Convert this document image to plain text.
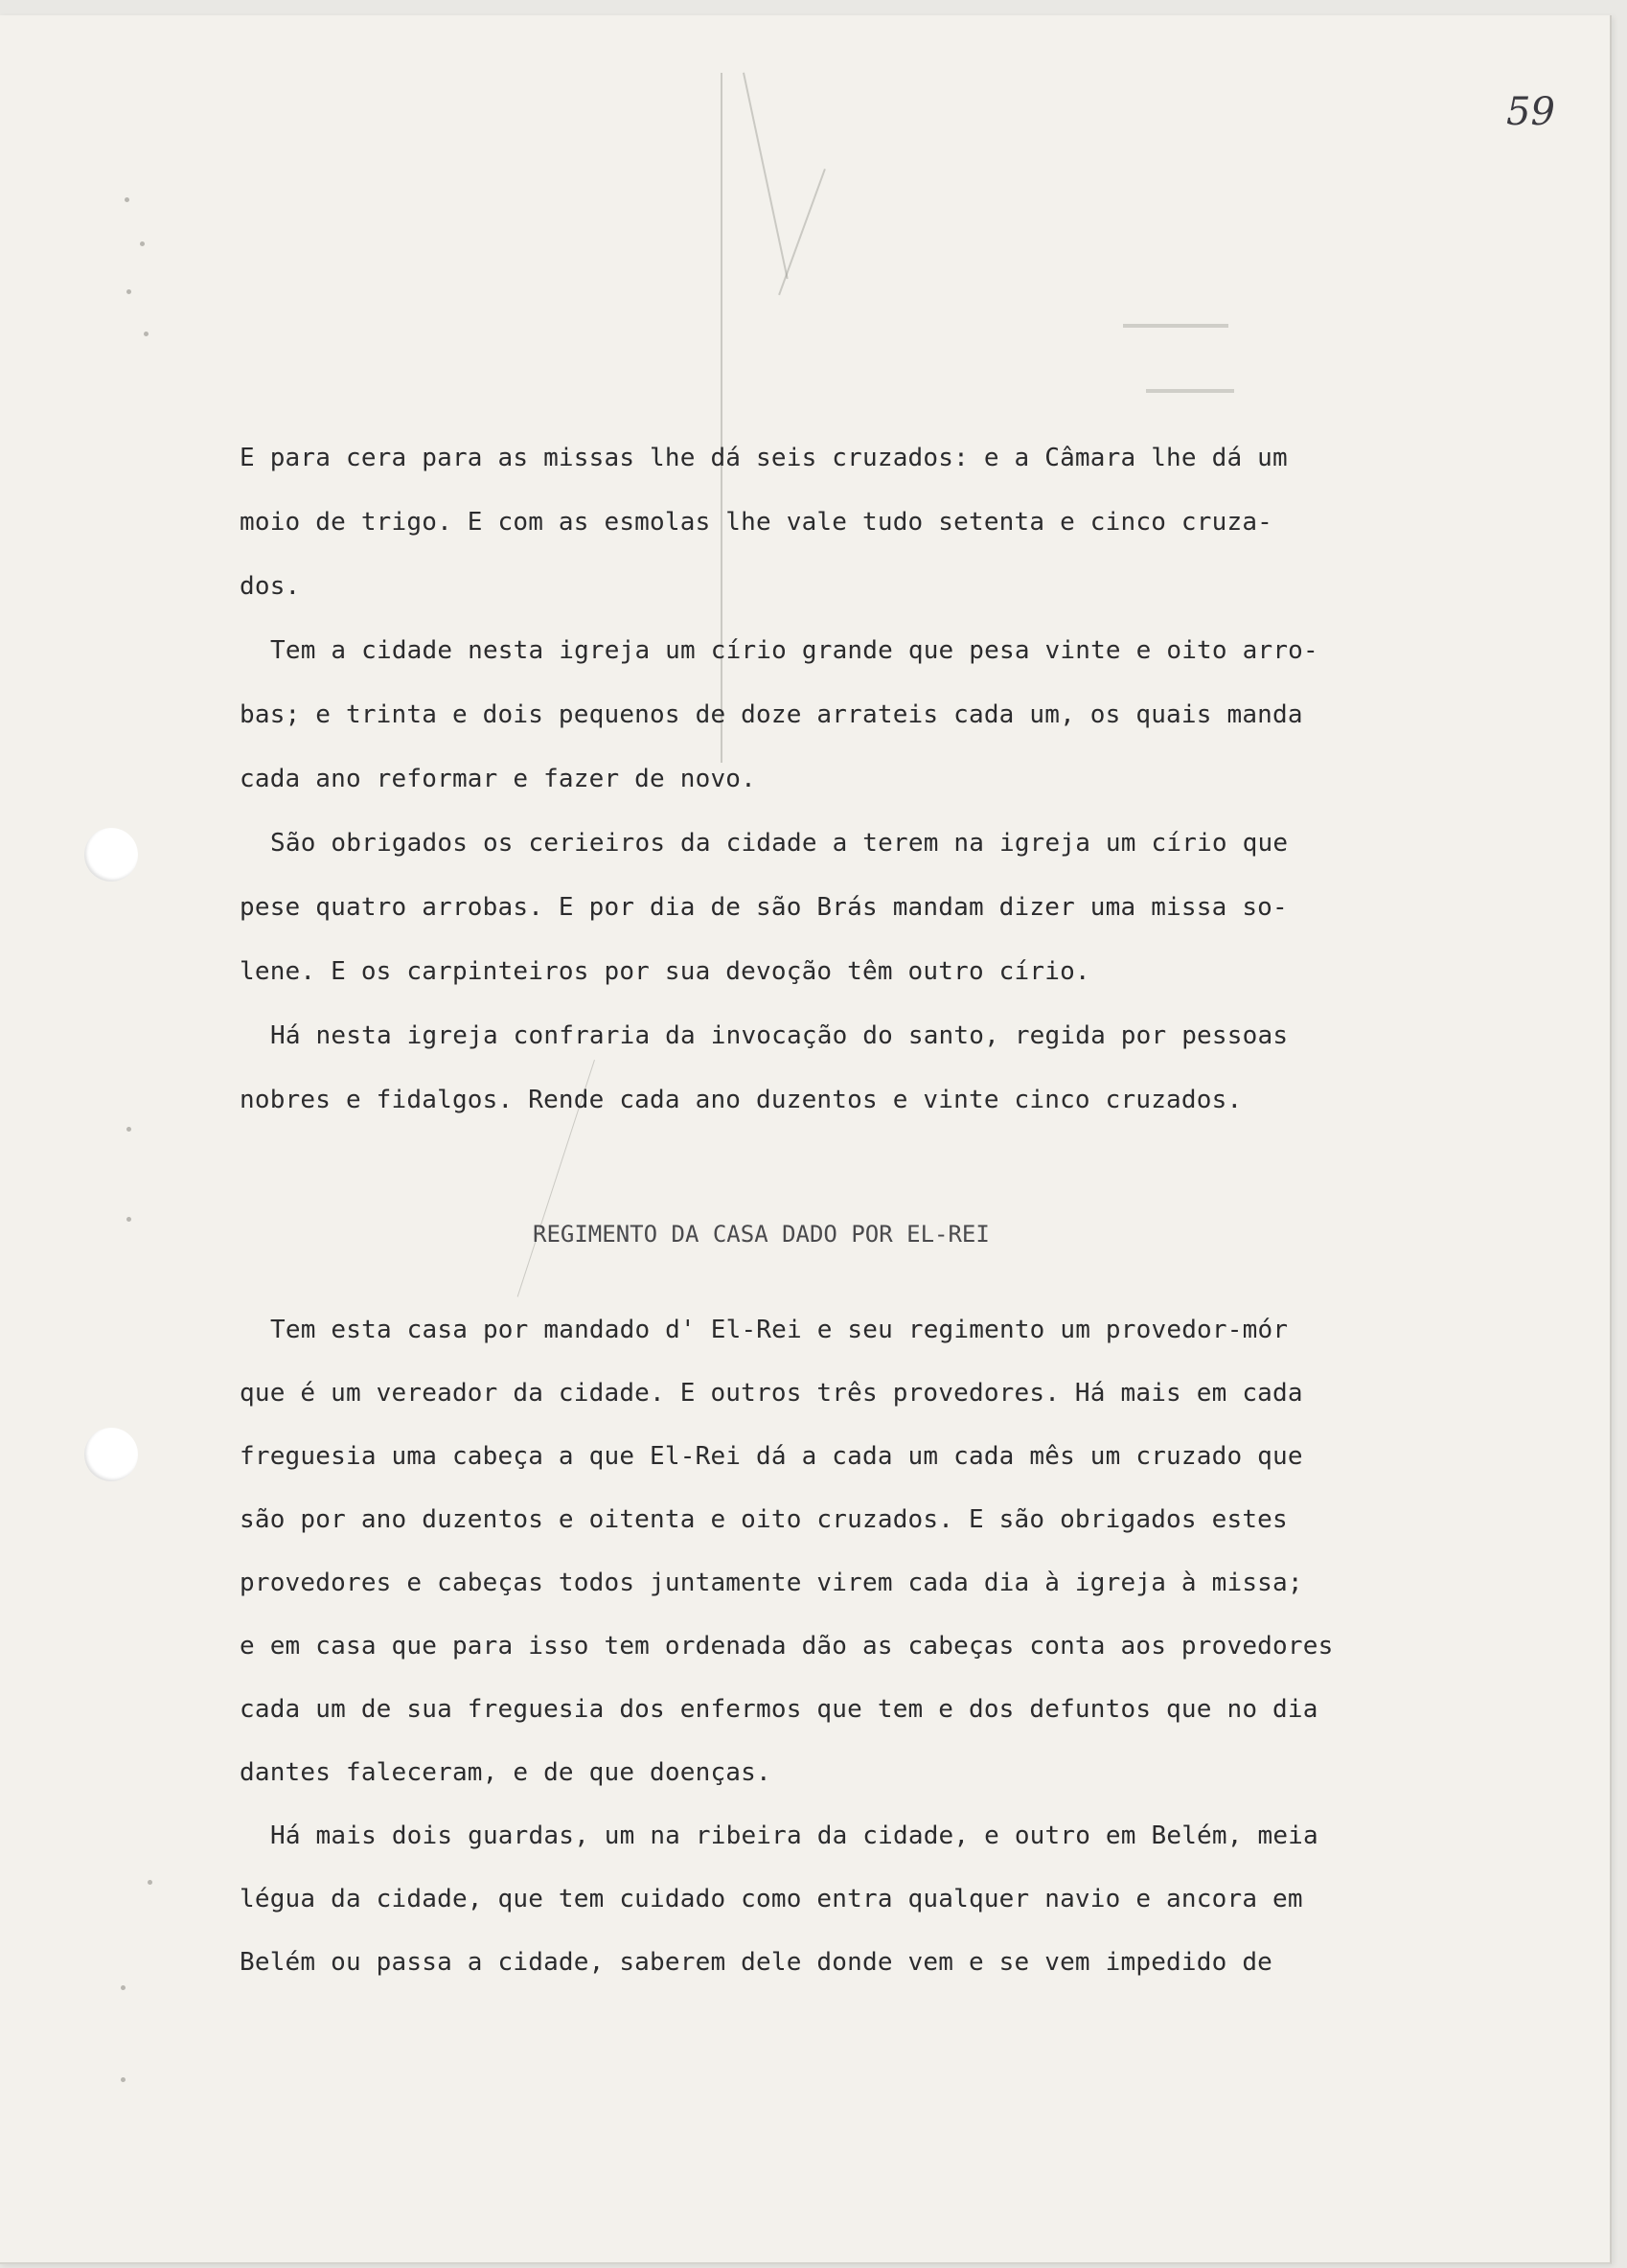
59
E para cera para as missas lhe dá seis cruzados: e a Câmara lhe dá um
moio de trigo. E com as esmolas lhe vale tudo setenta e cinco cruza-
dos.
Tem a cidade nesta igreja um círio grande que pesa vinte e oito arro-
bas; e trinta e dois pequenos de doze arrateis cada um, os quais manda
cada ano reformar e fazer de novo.
São obrigados os cerieiros da cidade a terem na igreja um círio que
pese quatro arrobas. E por dia de são Brás mandam dizer uma missa so-
lene. E os carpinteiros por sua devoção têm outro círio.
Há nesta igreja confraria da invocação do santo, regida por pessoas
nobres e fidalgos. Rende cada ano duzentos e vinte cinco cruzados.
REGIMENTO DA CASA DADO POR EL-REI
Tem esta casa por mandado d' El-Rei e seu regimento um provedor-mór
que é um vereador da cidade. E outros três provedores. Há mais em cada
freguesia uma cabeça a que El-Rei dá a cada um cada mês um cruzado que
são por ano duzentos e oitenta e oito cruzados. E são obrigados estes
provedores e cabeças todos juntamente virem cada dia à igreja à missa;
e em casa que para isso tem ordenada dão as cabeças conta aos provedores
cada um de sua freguesia dos enfermos que tem e dos defuntos que no dia
dantes faleceram, e de que doenças.
Há mais dois guardas, um na ribeira da cidade, e outro em Belém, meia
légua da cidade, que tem cuidado como entra qualquer navio e ancora em
Belém ou passa a cidade, saberem dele donde vem e se vem impedido de
